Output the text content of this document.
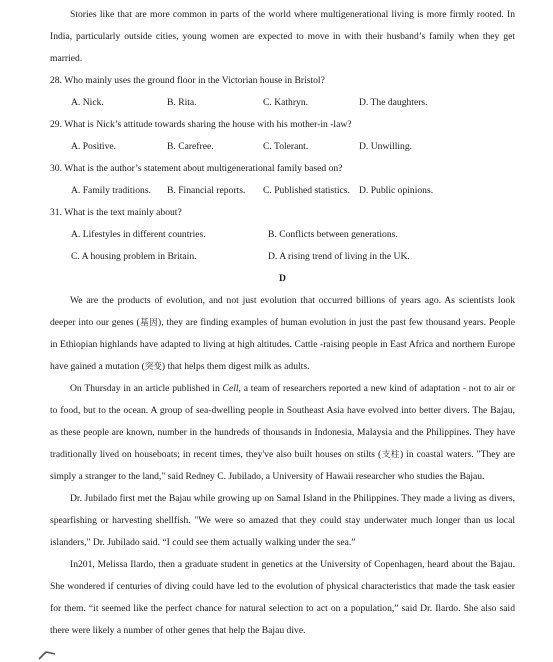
Stories like that are more common in parts of the world where multigenerational living is more firmly rooted. In India, particularly outside cities, young women are expected to move in with their husband’s family when they get married.

28. Who mainly uses the ground floor in the Victorian house in Bristol?

A. Nick.	B. Rita.	C. Kathryn.	D. The daughters.

29. What is Nick’s attitude towards sharing the house with his mother-in -law?

A. Positive.	B. Carefree.	C. Tolerant.	D. Unwilling.

30. What is the author’s statement about multigenerational family based on?

A. Family traditions.	B. Financial reports.	C. Published statistics. D. Public opinions.

31. What is the text mainly about?

A. Lifestyles in different countries.	B. Conflicts between generations.
C. A housing problem in Britain.	D. A rising trend of living in the UK.

D

We are the products of evolution, and not just evolution that occurred billions of years ago. As scientists look deeper into our genes (基因), they are finding examples of human evolution in just the past few thousand years. People in Ethiopian highlands have adapted to living at high altitudes. Cattle -raising people in East Africa and northern Europe have gained a mutation (突变) that helps them digest milk as adults.

On Thursday in an article published in Cell, a team of researchers reported a new kind of adaptation - not to air or to food, but to the ocean. A group of sea-dwelling people in Southeast Asia have evolved into better divers. The Bajau, as these people are known, number in the hundreds of thousands in Indonesia, Malaysia and the Philippines. They have traditionally lived on houseboats; in recent times, they've also built houses on stilts (支柱) in coastal waters. "They are simply a stranger to the land," said Redney C. Jubilado, a University of Hawaii researcher who studies the Bajau.

Dr. Jubilado first met the Bajau while growing up on Samal Island in the Philippines. They made a living as divers, spearfishing or harvesting shellfish. "We were so amazed that they could stay underwater much longer than us local islanders," Dr. Jubilado said. “I could see them actually walking under the sea.”

In201, Melissa Ilardo, then a graduate student in genetics at the University of Copenhagen, heard about the Bajau. She wondered if centuries of diving could have led to the evolution of physical characteristics that made the task easier for them. “it seemed like the perfect chance for natural selection to act on a population,” said Dr. Ilardo. She also said there were likely a number of other genes that help the Bajau dive.
